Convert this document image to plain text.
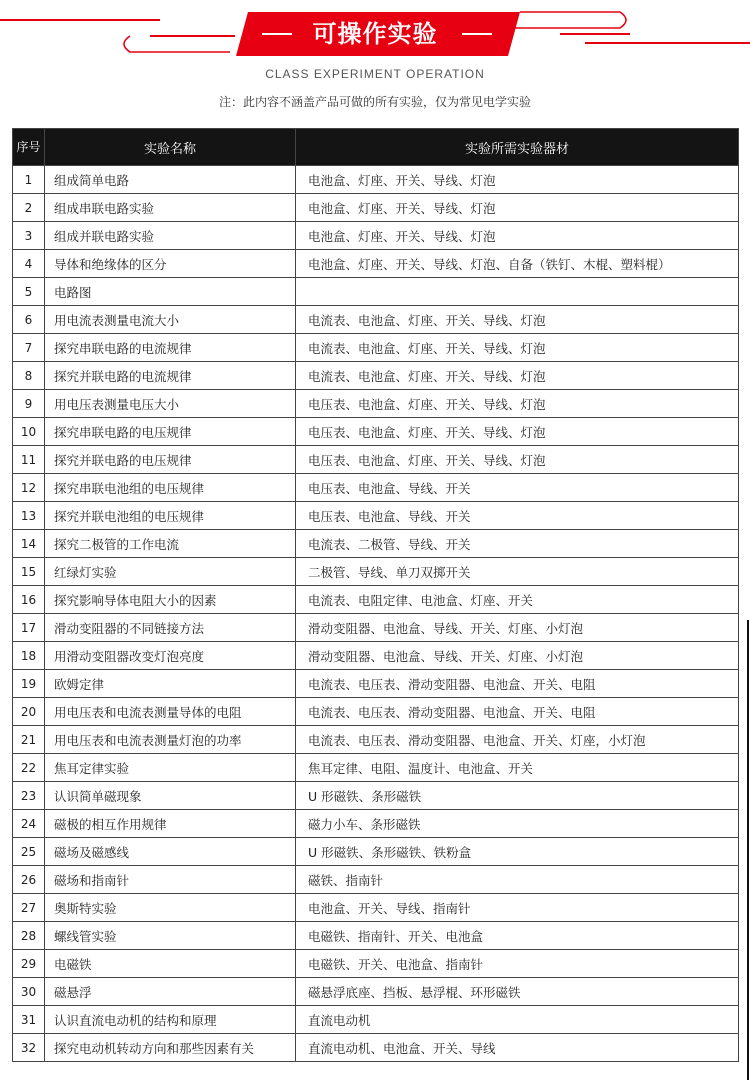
可操作实验
CLASS EXPERIMENT OPERATION
注：此内容不涵盖产品可做的所有实验，仅为常见电学实验
序号	实验名称	实验所需实验器材
1	组成简单电路	电池盒、灯座、开关、导线、灯泡
2	组成串联电路实验	电池盒、灯座、开关、导线、灯泡
3	组成并联电路实验	电池盒、灯座、开关、导线、灯泡
4	导体和绝缘体的区分	电池盒、灯座、开关、导线、灯泡、自备（铁钉、木棍、塑料棍）
5	电路图	
6	用电流表测量电流大小	电流表、电池盒、灯座、开关、导线、灯泡
7	探究串联电路的电流规律	电流表、电池盒、灯座、开关、导线、灯泡
8	探究并联电路的电流规律	电流表、电池盒、灯座、开关、导线、灯泡
9	用电压表测量电压大小	电压表、电池盒、灯座、开关、导线、灯泡
10	探究串联电路的电压规律	电压表、电池盒、灯座、开关、导线、灯泡
11	探究并联电路的电压规律	电压表、电池盒、灯座、开关、导线、灯泡
12	探究串联电池组的电压规律	电压表、电池盒、导线、开关
13	探究并联电池组的电压规律	电压表、电池盒、导线、开关
14	探究二极管的工作电流	电流表、二极管、导线、开关
15	红绿灯实验	二极管、导线、单刀双掷开关
16	探究影响导体电阻大小的因素	电流表、电阻定律、电池盒、灯座、开关
17	滑动变阻器的不同链接方法	滑动变阻器、电池盒、导线、开关、灯座、小灯泡
18	用滑动变阻器改变灯泡亮度	滑动变阻器、电池盒、导线、开关、灯座、小灯泡
19	欧姆定律	电流表、电压表、滑动变阻器、电池盒、开关、电阻
20	用电压表和电流表测量导体的电阻	电流表、电压表、滑动变阻器、电池盒、开关、电阻
21	用电压表和电流表测量灯泡的功率	电流表、电压表、滑动变阻器、电池盒、开关、灯座，小灯泡
22	焦耳定律实验	焦耳定律、电阻、温度计、电池盒、开关
23	认识简单磁现象	U 形磁铁、条形磁铁
24	磁极的相互作用规律	磁力小车、条形磁铁
25	磁场及磁感线	U 形磁铁、条形磁铁、铁粉盒
26	磁场和指南针	磁铁、指南针
27	奥斯特实验	电池盒、开关、导线、指南针
28	螺线管实验	电磁铁、指南针、开关、电池盒
29	电磁铁	电磁铁、开关、电池盒、指南针
30	磁悬浮	磁悬浮底座、挡板、悬浮棍、环形磁铁
31	认识直流电动机的结构和原理	直流电动机
32	探究电动机转动方向和那些因素有关	直流电动机、电池盒、开关、导线
